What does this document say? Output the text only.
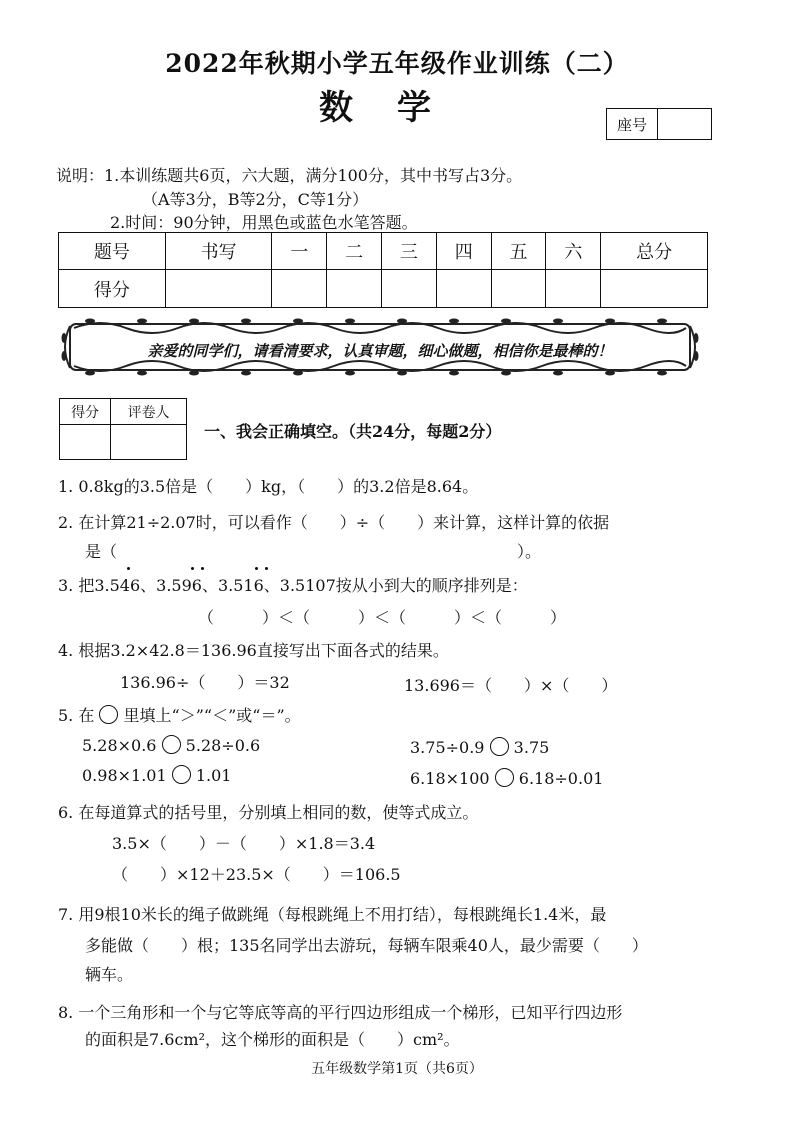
2022年秋期小学五年级作业训练（二）
数学	座号
说明：1.本训练题共6页，六大题，满分100分，其中书写占3分。
（A等3分，B等2分，C等1分）
2.时间：90分钟，用黑色或蓝色水笔答题。
题号	书写	一	二	三	四	五	六	总分
得分								
亲爱的同学们，请看清要求，认真审题，细心做题，相信你是最棒的！
得分	评卷人

一、我会正确填空。（共24分，每题2分）
1. 0.8kg的3.5倍是（　　）kg，（　　）的3.2倍是8.64。
2. 在计算21÷2.07时，可以看作（　　）÷（　　）来计算，这样计算的依据
是（　　　　　　　　　　　　　　　　　　　　　　　　　）。
3. 把3.546、3.596、3.516、3.5107按从小到大的顺序排列是：
（　　　）＜（　　　）＜（　　　）＜（　　　）
4. 根据3.2×42.8＝136.96直接写出下面各式的结果。
136.96÷（　　）＝32	13.696＝（　　）×（　　）
5. 在 里填上“＞”“＜”或“＝”。
5.28×0.6 5.28÷0.6	3.75÷0.9 3.75
0.98×1.01 1.01	6.18×100 6.18÷0.01
6. 在每道算式的括号里，分别填上相同的数，使等式成立。
3.5×（　　）－（　　）×1.8＝3.4
（　　）×12＋23.5×（　　）＝106.5
7. 用9根10米长的绳子做跳绳（每根跳绳上不用打结），每根跳绳长1.4米，最
多能做（　　）根；135名同学出去游玩，每辆车限乘40人，最少需要（　　）
辆车。
8. 一个三角形和一个与它等底等高的平行四边形组成一个梯形，已知平行四边形
的面积是7.6cm²，这个梯形的面积是（　　）cm²。
五年级数学第1页（共6页）
